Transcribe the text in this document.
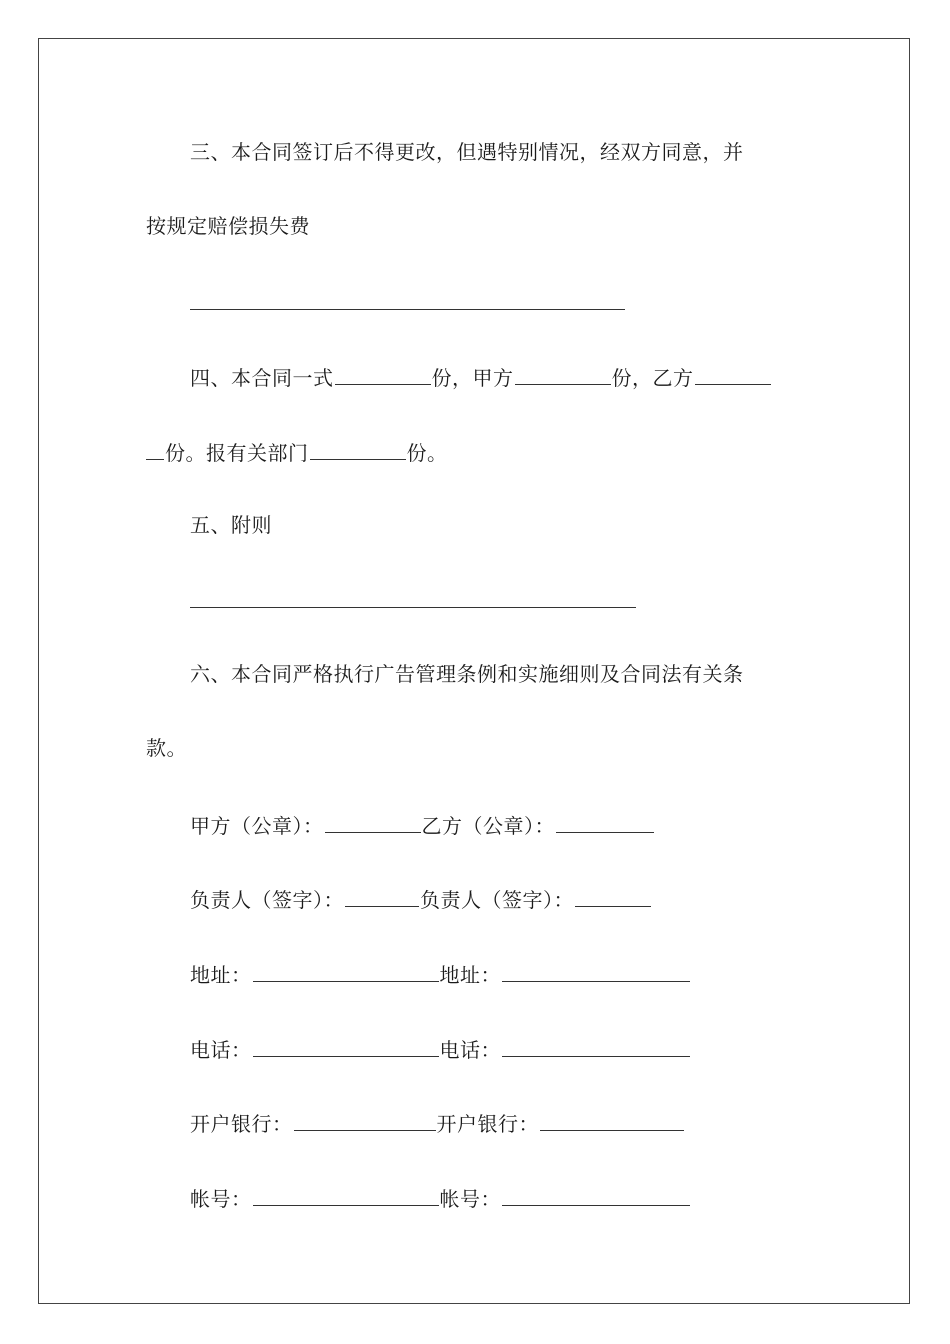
三、本合同签订后不得更改，但遇特别情况，经双方同意，并
按规定赔偿损失费
四、本合同一式	份，甲方	份，乙方
份。报有关部门	份。
五、附则
六、本合同严格执行广告管理条例和实施细则及合同法有关条
款。
甲方（公章）：	乙方（公章）：
负责人（签字）：	负责人（签字）：
地址：	地址：
电话：	电话：
开户银行：	开户银行：
帐号：	帐号：
